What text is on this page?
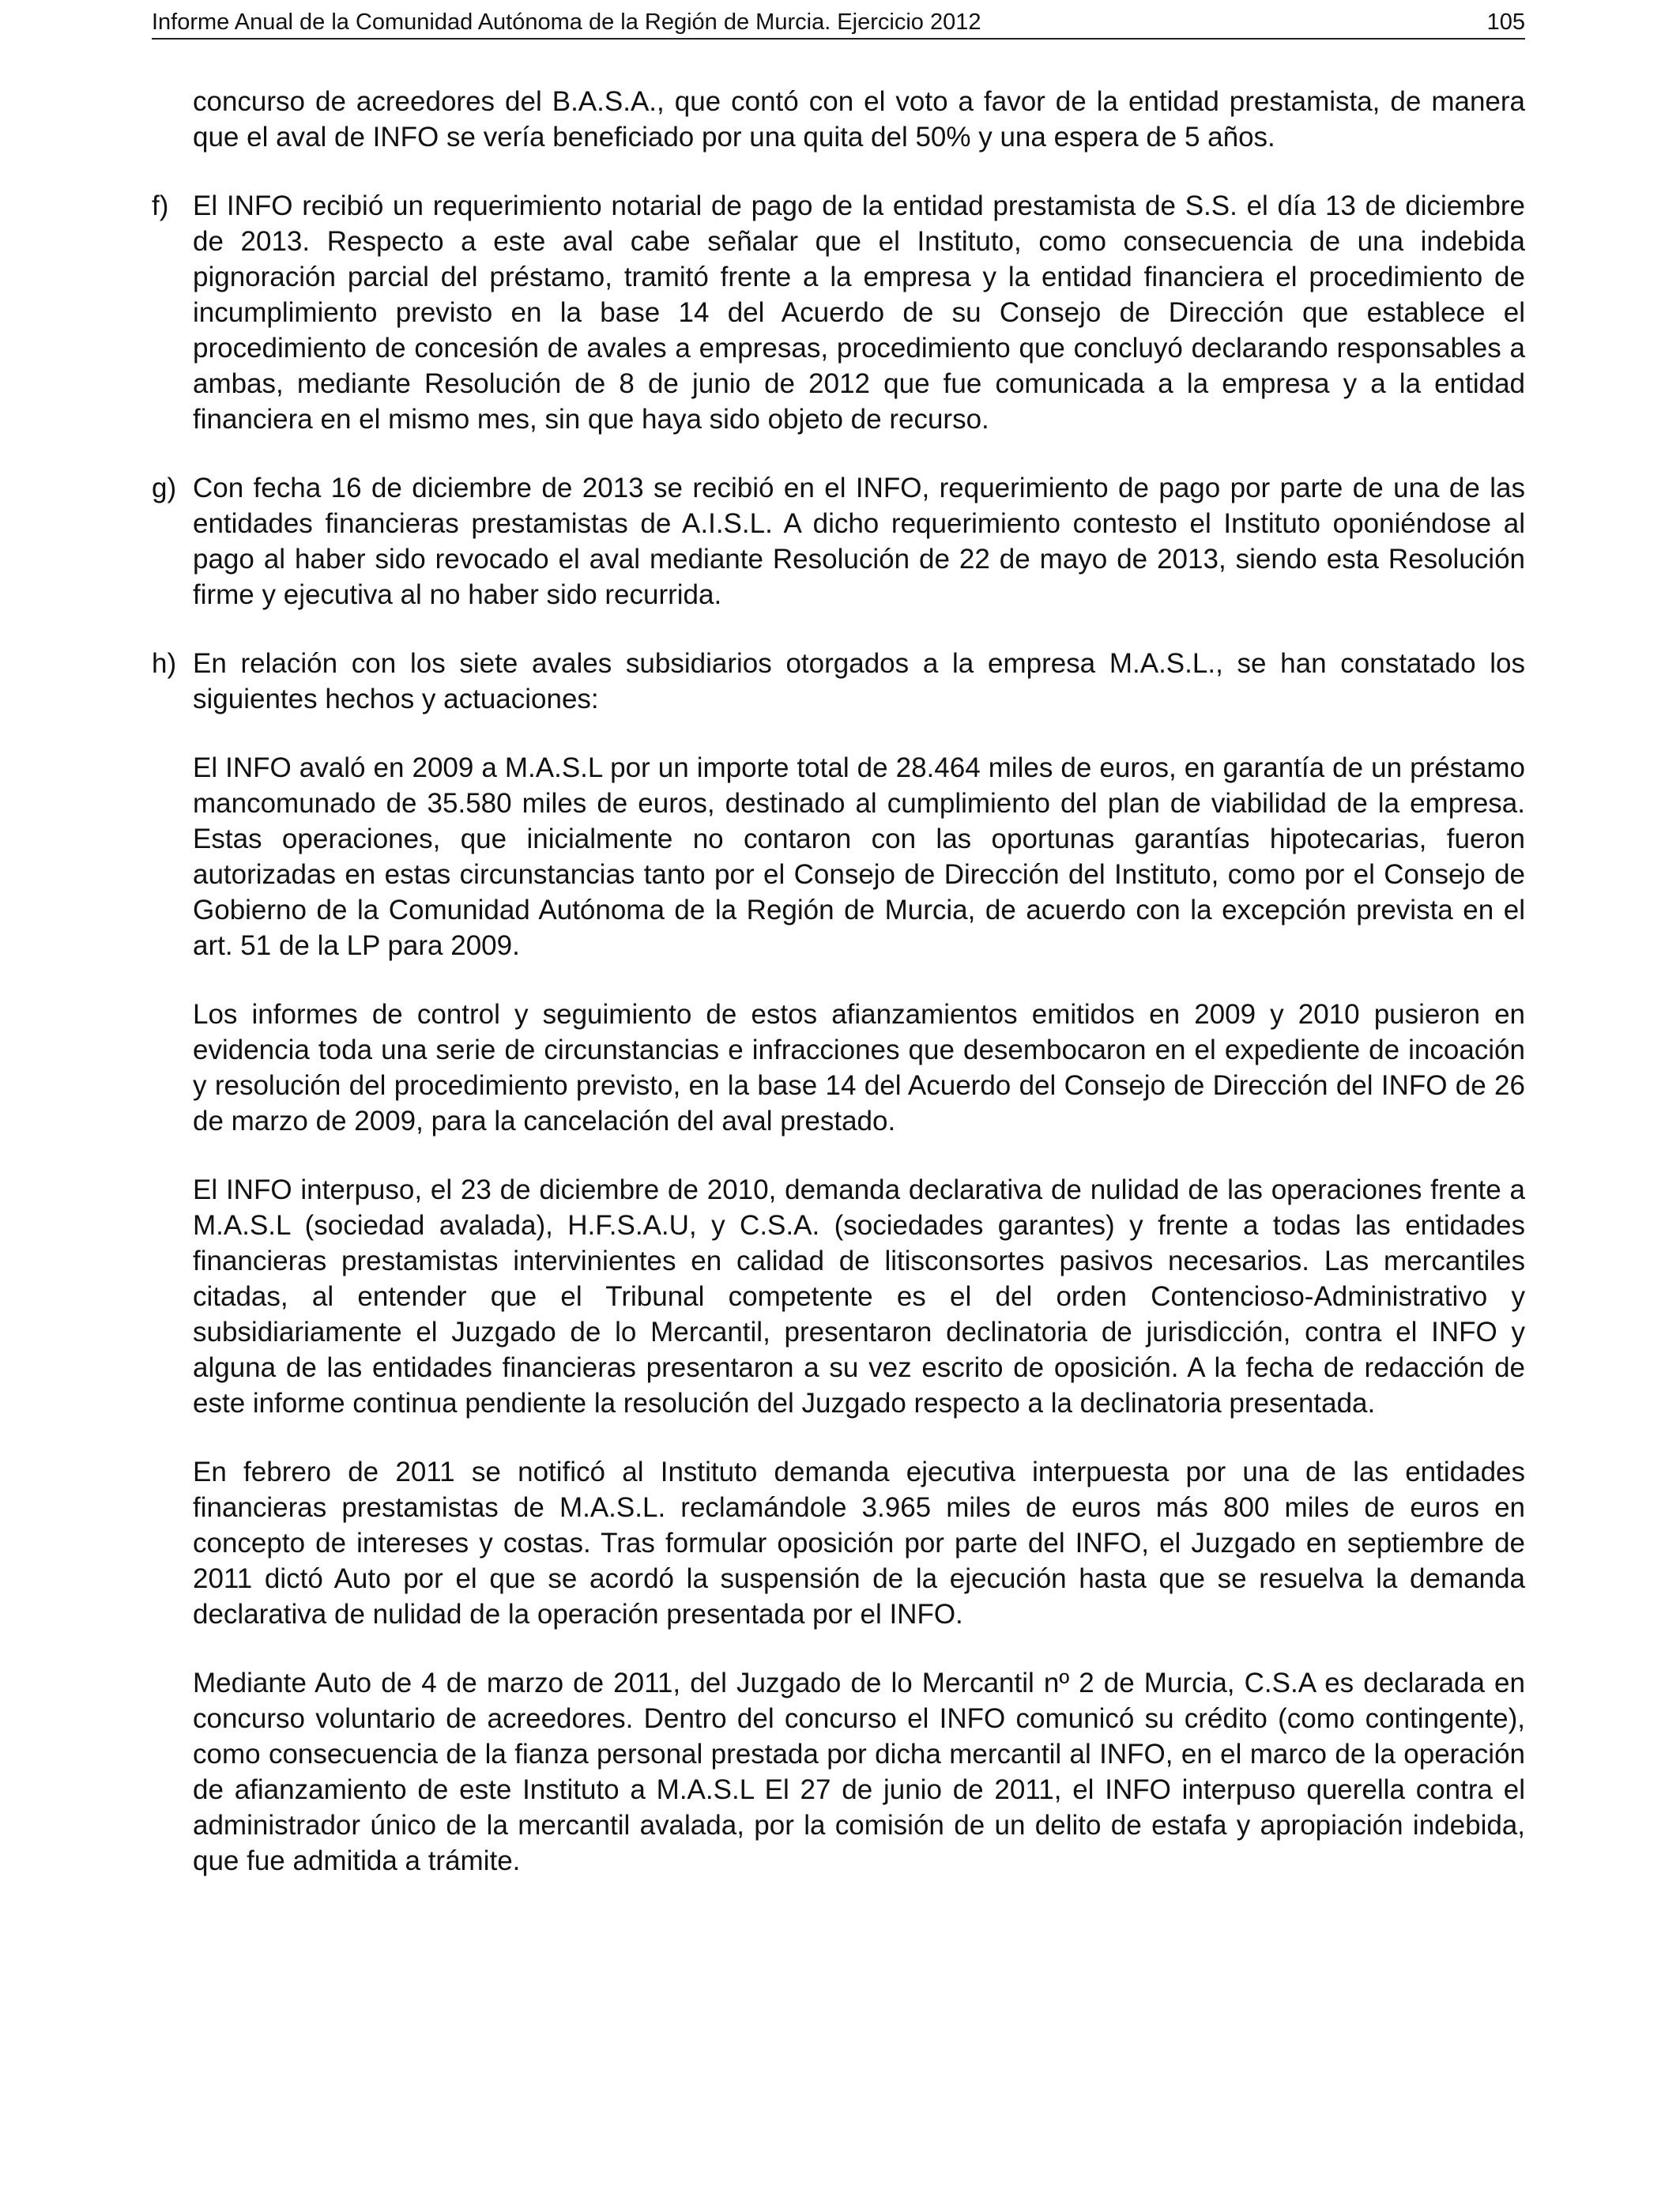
Informe Anual de la Comunidad Autónoma de la Región de Murcia. Ejercicio 2012	105

concurso de acreedores del B.A.S.A., que contó con el voto a favor de la entidad prestamista, de manera que el aval de INFO se vería beneficiado por una quita del 50% y una espera de 5 años.

f) El INFO recibió un requerimiento notarial de pago de la entidad prestamista de S.S. el día 13 de diciembre de 2013. Respecto a este aval cabe señalar que el Instituto, como consecuencia de una indebida pignoración parcial del préstamo, tramitó frente a la empresa y la entidad financiera el procedimiento de incumplimiento previsto en la base 14 del Acuerdo de su Consejo de Dirección que establece el procedimiento de concesión de avales a empresas, procedimiento que concluyó declarando responsables a ambas, mediante Resolución de 8 de junio de 2012 que fue comunicada a la empresa y a la entidad financiera en el mismo mes, sin que haya sido objeto de recurso.
g) Con fecha 16 de diciembre de 2013 se recibió en el INFO, requerimiento de pago por parte de una de las entidades financieras prestamistas de A.I.S.L. A dicho requerimiento contesto el Instituto oponiéndose al pago al haber sido revocado el aval mediante Resolución de 22 de mayo de 2013, siendo esta Resolución firme y ejecutiva al no haber sido recurrida.
h) En relación con los siete avales subsidiarios otorgados a la empresa M.A.S.L., se han constatado los siguientes hechos y actuaciones:

El INFO avaló en 2009 a M.A.S.L por un importe total de 28.464 miles de euros, en garantía de un préstamo mancomunado de 35.580 miles de euros, destinado al cumplimiento del plan de viabilidad de la empresa. Estas operaciones, que inicialmente no contaron con las oportunas garantías hipotecarias, fueron autorizadas en estas circunstancias tanto por el Consejo de Dirección del Instituto, como por el Consejo de Gobierno de la Comunidad Autónoma de la Región de Murcia, de acuerdo con la excepción prevista en el art. 51 de la LP para 2009.

Los informes de control y seguimiento de estos afianzamientos emitidos en 2009 y 2010 pusieron en evidencia toda una serie de circunstancias e infracciones que desembocaron en el expediente de incoación y resolución del procedimiento previsto, en la base 14 del Acuerdo del Consejo de Dirección del INFO de 26 de marzo de 2009, para la cancelación del aval prestado.

El INFO interpuso, el 23 de diciembre de 2010, demanda declarativa de nulidad de las operaciones frente a M.A.S.L (sociedad avalada), H.F.S.A.U, y C.S.A. (sociedades garantes) y frente a todas las entidades financieras prestamistas intervinientes en calidad de litisconsortes pasivos necesarios. Las mercantiles citadas, al entender que el Tribunal competente es el del orden Contencioso-Administrativo y subsidiariamente el Juzgado de lo Mercantil, presentaron declinatoria de jurisdicción, contra el INFO y alguna de las entidades financieras presentaron a su vez escrito de oposición. A la fecha de redacción de este informe continua pendiente la resolución del Juzgado respecto a la declinatoria presentada.

En febrero de 2011 se notificó al Instituto demanda ejecutiva interpuesta por una de las entidades financieras prestamistas de M.A.S.L. reclamándole 3.965 miles de euros más 800 miles de euros en concepto de intereses y costas. Tras formular oposición por parte del INFO, el Juzgado en septiembre de 2011 dictó Auto por el que se acordó la suspensión de la ejecución hasta que se resuelva la demanda declarativa de nulidad de la operación presentada por el INFO.

Mediante Auto de 4 de marzo de 2011, del Juzgado de lo Mercantil nº 2 de Murcia, C.S.A es declarada en concurso voluntario de acreedores. Dentro del concurso el INFO comunicó su crédito (como contingente), como consecuencia de la fianza personal prestada por dicha mercantil al INFO, en el marco de la operación de afianzamiento de este Instituto a M.A.S.L El 27 de junio de 2011, el INFO interpuso querella contra el administrador único de la mercantil avalada, por la comisión de un delito de estafa y apropiación indebida, que fue admitida a trámite.
